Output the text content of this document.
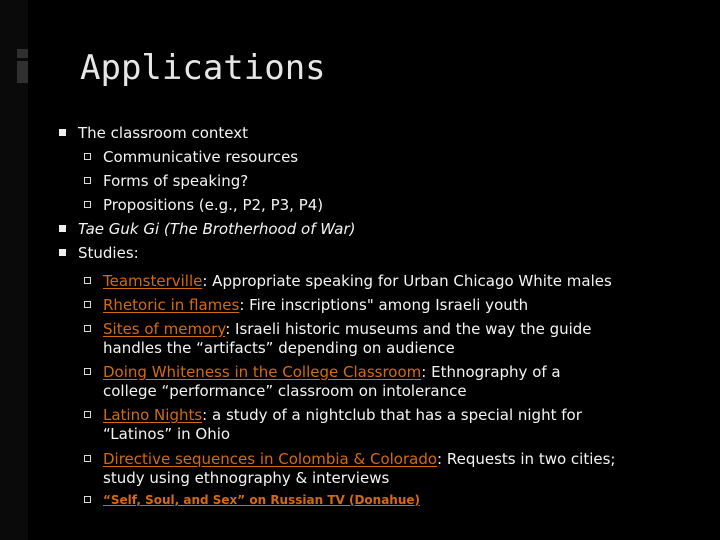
Applications

The classroom context

Communicative resources

Forms of speaking?

Propositions (e.g., P2, P3, P4)

Tae Guk Gi (The Brotherhood of War)

Studies:

Teamsterville: Appropriate speaking for Urban Chicago White males

Rhetoric in flames: Fire inscriptions" among Israeli youth

Sites of memory: Israeli historic museums and the way the guide

handles the “artifacts” depending on audience

Doing Whiteness in the College Classroom: Ethnography of a

college “performance” classroom on intolerance

Latino Nights: a study of a nightclub that has a special night for

“Latinos” in Ohio

Directive sequences in Colombia & Colorado: Requests in two cities;

study using ethnography & interviews

“Self, Soul, and Sex” on Russian TV (Donahue)
